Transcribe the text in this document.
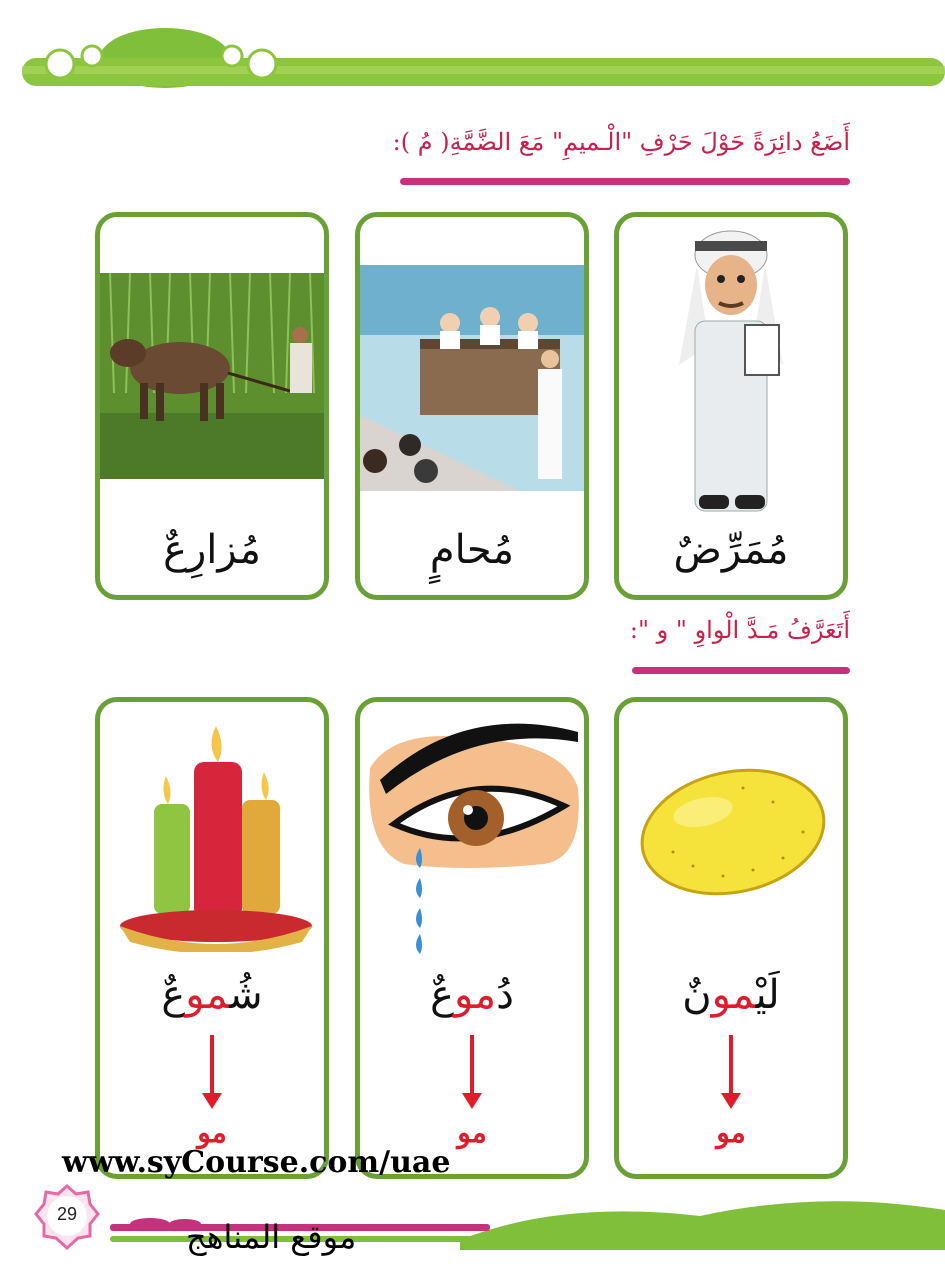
أَضَعُ دائِرَةً حَوْلَ حَرْفِ "الْـميمِ" مَعَ الضَّمَّةِ( مُ ):
مُزارِعٌ	مُحامٍ	مُمَرِّضٌ
أَتَعَرَّفُ مَـدَّ الْواوِ " و ":
شُموعٌ
مو
دُموعٌ
مو
لَيْمونٌ
مو
www.syCourse.com/uae
29
موقع المناهج
